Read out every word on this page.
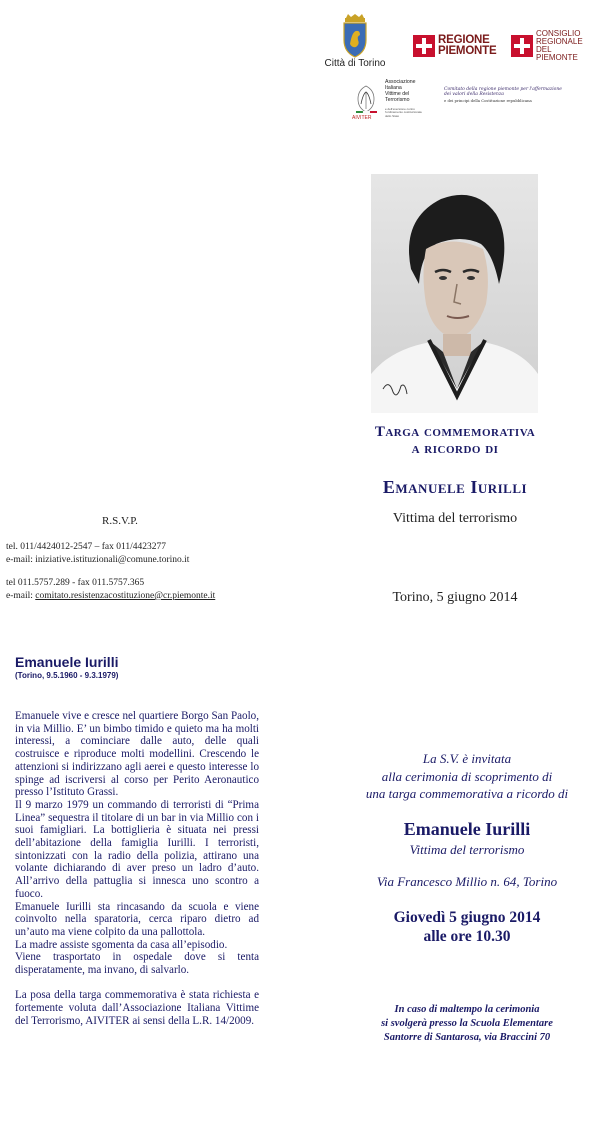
Città di Torino
REGIONE
PIEMONTE
CONSIGLIO
REGIONALE
DEL PIEMONTE
Associazione
Italiana
Vittime del
Terrorismo
e dell'eversione contro l'ordinamento costituzionale dello Stato
AIVITER
Comitato della regione piemonte per l'affermazione dei valori della Resistenza
e dei principi della Costituzione repubblicana
Targa commemorativa
a ricordo di
Emanuele Iurilli
Vittima del terrorismo
Torino, 5 giugno 2014
R.S.V.P.
tel. 011/4424012-2547 – fax 011/4423277
e-mail: iniziative.istituzionali@comune.torino.it
tel 011.5757.289 - fax 011.5757.365
e-mail: comitato.resistenzacostituzione@cr.piemonte.it
Emanuele Iurilli
(Torino, 9.5.1960 - 9.3.1979)

Emanuele vive e cresce nel quartiere Borgo San Paolo, in via Millio. E’ un bimbo timido e quieto ma ha molti interessi, a cominciare dalle auto, delle quali costruisce e riproduce molti modellini. Crescendo le attenzioni si indirizzano agli aerei e questo interesse lo spinge ad iscriversi al corso per Perito Aeronautico presso l’Istituto Grassi.

Il 9 marzo 1979 un commando di terroristi di “Prima Linea” sequestra il titolare di un bar in via Millio con i suoi famigliari. La bottiglieria è situata nei pressi dell’abitazione della famiglia Iurilli. I terroristi, sintonizzati con la radio della polizia, attirano una volante dichiarando di aver preso un ladro d’auto. All’arrivo della pattuglia si innesca uno scontro a fuoco.

Emanuele Iurilli sta rincasando da scuola e viene coinvolto nella sparatoria, cerca riparo dietro ad un’auto ma viene colpito da una pallottola.

La madre assiste sgomenta da casa all’episodio.

Viene trasportato in ospedale dove si tenta disperatamente, ma invano, di salvarlo.

La posa della targa commemorativa è stata richiesta e fortemente voluta dall’Associazione Italiana Vittime del Terrorismo, AIVITER ai sensi della L.R. 14/2009.

La S.V. è invitata
alla cerimonia di scoprimento di
una targa commemorativa a ricordo di
Emanuele Iurilli
Vittima del terrorismo
Via Francesco Millio n. 64, Torino
Giovedì 5 giugno 2014
alle ore 10.30
In caso di maltempo la cerimonia
si svolgerà presso la Scuola Elementare
Santorre di Santarosa, via Braccini 70
